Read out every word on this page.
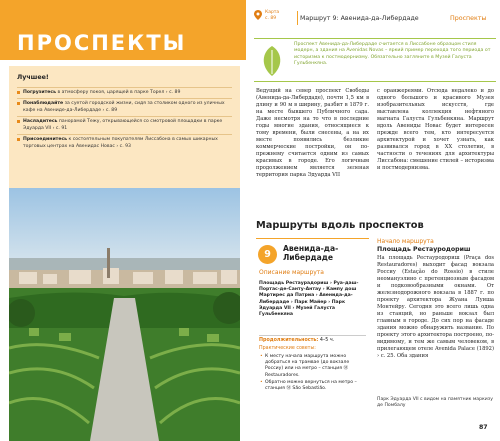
ПРОСПЕКТЫ
Лучшее!
Погрузитесь в атмосферу покоя, царящей в парке Торел › с. 89
Понаблюдайте за суетой городской жизни, сидя за столиком одного из уличных кафе на Авениде-да-Либердаде › с. 89
Насладитесь панорамой Тежу, открывающейся со смотровой площадки в парке Эдуарда VII › с. 91
Присоединитесь к состоятельным покупателям Лиссабона в самых шикарных торговых центрах на Авенидас Новас › с. 93
Карта
с. 89	Маршрут 9: Авенида-да-Либердаде	Проспекты

Проспект Авенида-да-Либердаде считается в Лиссабоне образцом стиля модерн, а здания на Avenidas Novas – яркий пример перехода того периода от историзма к постмодернизму. Обязательно загляните в Музей Галуста Гульбенкяна.

Ведущий на север проспект Свободы (Авенида-да-Либердаде), почти 1,5 км в длину и 90 м в ширину, разбит в 1879 г. на месте бывшего Публичного сада. Даже несмотря на то что в последние годы многие здания, относящиеся к тому времени, были снесены, а на их месте появились безликие коммерческие постройки, он по-прежнему считается одним из самых красивых в городе. Его логичным продолжением является зеленая территория парка Эдуарда VII
с оранжереями. Отсюда недалеко и до одного большого и красивого Музея изобразительных искусств, где выставлена коллекция нефтяного магната Галуста Гульбенкяна. Маршрут вдоль Авениды Новас будет интересен прежде всего тем, кто интересуется архитектурой и хочет узнать, как развивался город в XX столетии, в частности о течениях для архитектуры Лиссабона: смешение стилей – историзма и постмодернизма.
Маршруты вдоль проспектов
9
Авенида-да-Либердаде
Описание маршрута
Площадь Рестаурадориш › Руа-даш-Портас-де-Санту-Антау › Кампу дош Мартирес да Патриа › Авенида-да-Либердаде › Парк Майер › Парк Эдуарда VII › Музей Галуста Гульбенкяна
Продолжительность: 4–5 ч.
Практические советы:
• К месту начала маршрута можно добраться на трамвае (до вокзале Россиу) или на метро – станция Ⓜ Restauradores.
• Обратно можно вернуться на метро – станция Ⓜ São Sebastião.
Начало маршрута
Площадь Рестауродориш
На площадь Рестауродориш (Praça dos Restauradores) выходит фасад вокзала Россиу (Estação do Rossio) в стиле неомануэлино с претенциозным фасадом и подковообразными окнами. От железнодорожного вокзала в 1887 г. по проекту архитектора Жуана Луиша Монтейру. Сегодня это всего лишь одна из станций, но раньше вокзал был главным в городе. До сих пор на фасаде здания можно обнаружить название. По проекту этого архитектора построено, по-видимому, и тем же самым человеком, в прилегающем отеле Avenida Palace (1892) › с. 25. Оба здания
Парк Эдуарда VII с видом на памятник маркизу де Помбалу
87
